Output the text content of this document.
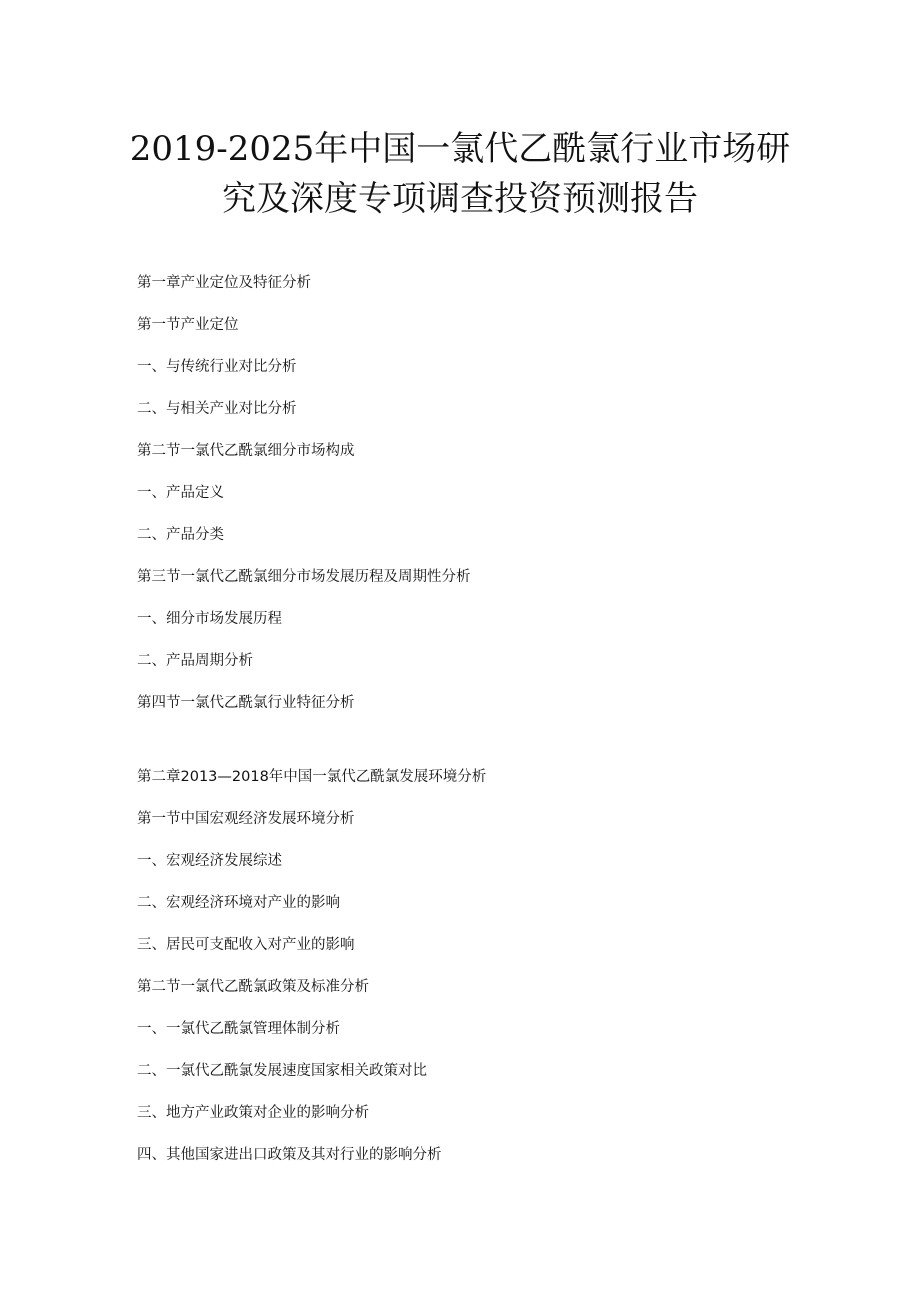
2019-2025年中国一氯代乙酰氯行业市场研
究及深度专项调查投资预测报告
第一章产业定位及特征分析
第一节产业定位
一、与传统行业对比分析
二、与相关产业对比分析
第二节一氯代乙酰氯细分市场构成
一、产品定义
二、产品分类
第三节一氯代乙酰氯细分市场发展历程及周期性分析
一、细分市场发展历程
二、产品周期分析
第四节一氯代乙酰氯行业特征分析
第二章2013—2018年中国一氯代乙酰氯发展环境分析
第一节中国宏观经济发展环境分析
一、宏观经济发展综述
二、宏观经济环境对产业的影响
三、居民可支配收入对产业的影响
第二节一氯代乙酰氯政策及标准分析
一、一氯代乙酰氯管理体制分析
二、一氯代乙酰氯发展速度国家相关政策对比
三、地方产业政策对企业的影响分析
四、其他国家进出口政策及其对行业的影响分析
